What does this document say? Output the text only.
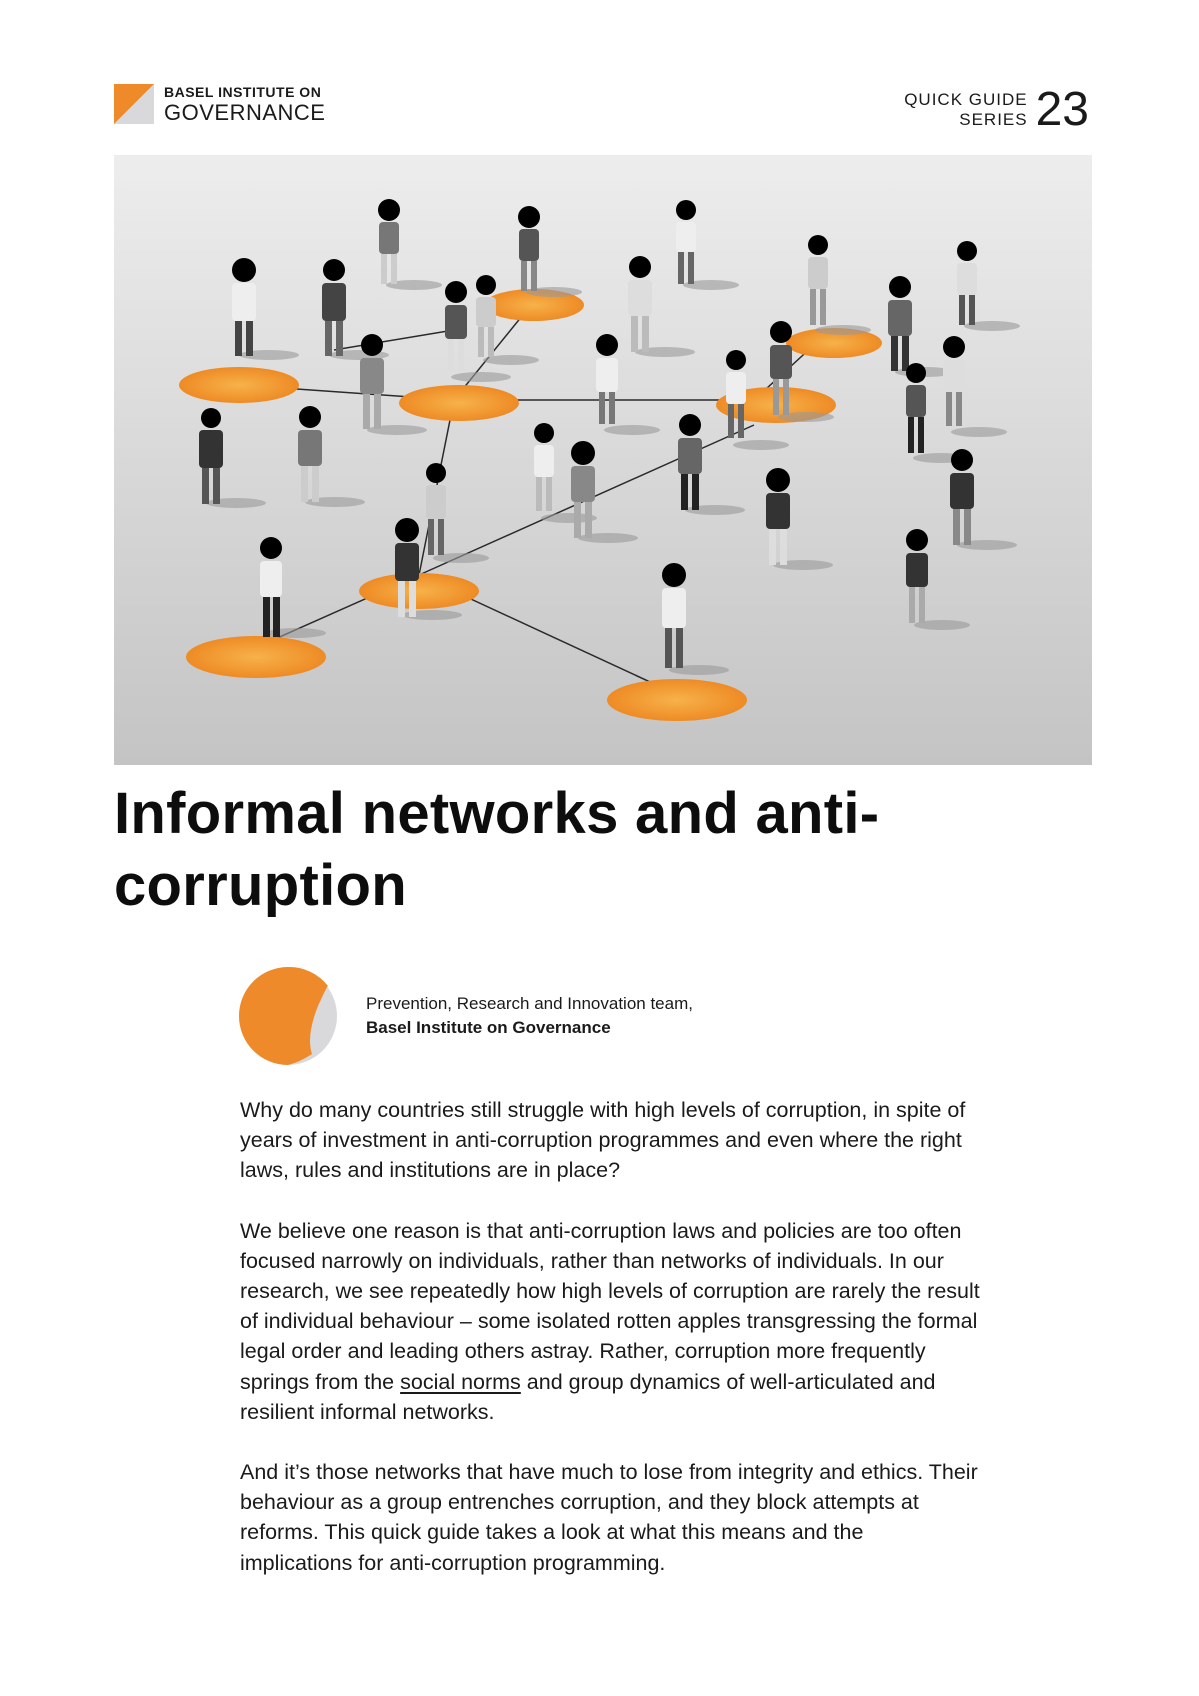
BASEL INSTITUTE ON
GOVERNANCE	QUICK GUIDE
SERIES 23
Informal networks and anti-corruption
Prevention, Research and Innovation team,
Basel Institute on Governance

Why do many countries still struggle with high levels of corruption, in spite of years of investment in anti-corruption programmes and even where the right laws, rules and institutions are in place?

We believe one reason is that anti-corruption laws and policies are too often focused narrowly on individuals, rather than networks of individuals. In our research, we see repeatedly how high levels of corruption are rarely the result of individual behaviour – some isolated rotten apples transgressing the formal legal order and leading others astray. Rather, corruption more frequently springs from the social norms and group dynamics of well-articulated and resilient informal networks.

And it’s those networks that have much to lose from integrity and ethics. Their behaviour as a group entrenches corruption, and they block attempts at reforms. This quick guide takes a look at what this means and the implications for anti-corruption programming.
